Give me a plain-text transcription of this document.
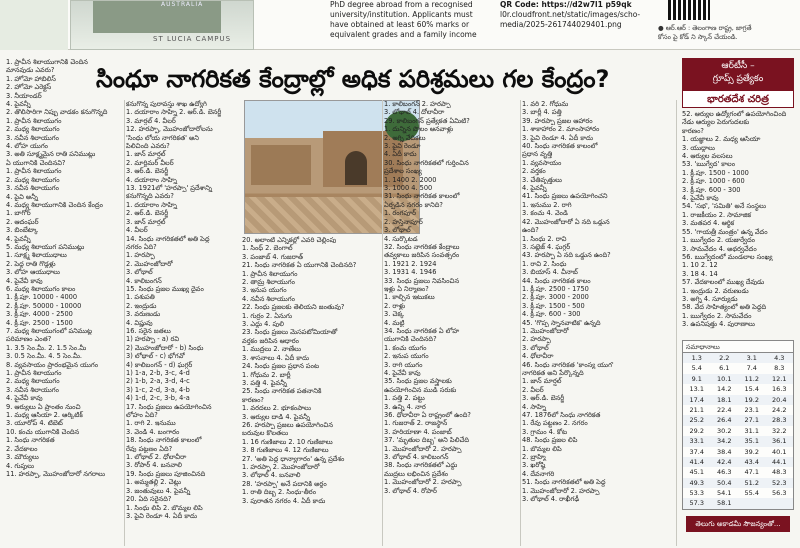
AUSTRALIA
ST LUCIA CAMPUS
PhD degree abroad from a recognised
university/institution. Applicants must
have obtained at least 60% marks or
equivalent grades and a family income
QR Code: https://d2w7l1 p59qk
l0r.cloudfront.net/static/images/scho-
media/2025-261744029401.png	● ఆర్.ఆర్ : తెలంగాణ రాష్ట్ర, జాగ్రతే
కోసం పై కోడ్ ని స్కాన్ చేయండి.
సింధూ నాగరికత కేంద్రాల్లో అధిక పరిశ్రమలు గల కేంద్రం?	ఆర్‌టీసీ –
గ్రూప్స్ ప్రత్యేకం
భారతదేశ చరిత్ర
1. ప్రాచీన శిలాయుగానికి చెందిన
మానవుడు ఎవరు?
1. హోమో హాబిలిస్
2. హోమో ఎరెక్టస్
3. నీయాండర్
4. పైవన్నీ
2. తొలిసారిగా నిప్పు వాడకం కనుగొన్నది
1. ప్రాచీన శిలాయుగం
2. మధ్య శిలాయుగం
3. నవీన శిలాయుగం
4. లోహ యుగం
3. అతి సూక్ష్మమైన రాతి పనిముట్లు
ఏ యుగానికి చెందినవి?
1. ప్రాచీన శిలాయుగం
2. మధ్య శిలాయుగం
3. నవీన శిలాయుగం
4. పైవి అన్నీ
4. మధ్య శిలాయుగానికి చెందిన కేంద్రం
1. బాగోర్
2. ఆదంఘర్
3. బింబేట్కా
4. పైవన్నీ
5. మధ్య శిలాయుగ పనిముట్లు
1. సూక్ష్మ శిలాయుధాలు
2. పెద్ద రాతి గొడ్డళ్లు
3. లోహ ఆయుధాలు
4. పైవేవీ కావు
6. మధ్య శిలాయుగం కాలం
1. క్రీ.పూ. 10000 - 4000
2. క్రీ.పూ. 50000 - 10000
3. క్రీ.పూ. 4000 - 2500
4. క్రీ.పూ. 2500 - 1500
7. మధ్య శిలాయుగంలో పనిముట్ల
పరిమాణం ఎంత?
1. 3.5 సెం.మీ. 2. 1.5 సెం.మీ
3. 0.5 సెం.మీ. 4. 5 సెం.మీ.
8. వ్యవసాయం ప్రారంభమైన యుగం
1. ప్రాచీన శిలాయుగం
2. మధ్య శిలాయుగం
3. నవీన శిలాయుగం
4. పైవేవీ కావు
9. ఆర్యులు ఏ ప్రాంతం నుంచి
1. మధ్య ఆసియా 2. ఆర్కిటిక్
3. యూరోప్ 4. టిబెట్
10. కంచు యుగానికి చెందిన
1. సింధు నాగరికత
2. వేదకాలం
3. మౌర్యులు
4. గుప్తులు
11. హరప్పా, మొహంజోదారో నగరాలు
కనుగొన్న పురావస్తు శాఖ ఉద్యోగి
1. దయారాం సాహ్ని 2. ఆర్.డి. బెనర్జీ
3. మార్షల్ 4. వీలర్
12. హరప్పా, మొహంజోదారోలను
'సింధు లోయ నాగరికత' అని
పిలిచింది ఎవరు?
1. జాన్ మార్షల్
2. మార్టిమర్ వీలర్
3. ఆర్.డి. బెనర్జీ
4. దయారాం సాహ్ని
13. 1921లో 'హరప్పా' ప్రదేశాన్ని
కనుగొన్నది ఎవరు?
1. దయారాం సాహ్ని
2. ఆర్.డి. బెనర్జీ
3. జాన్ మార్షల్
4. వీలర్
14. సింధు నాగరికతలో అతి పెద్ద
నగరం ఏది?
1. హరప్పా
2. మొహంజోదారో
3. లోథాల్
4. కాలిబంగన్
15. సింధు ప్రజల ముఖ్య దైవం
1. పశుపతి
2. ఇంద్రుడు
3. వరుణుడు
4. విష్ణువు
16. సరైన జతలు
1) హరప్పా - a) రవి
2) మొహంజోదారో - b) సింధు
3) లోథాల్ - c) భోగవో
4) కాలిబంగన్ - d) ఘగ్గర్
1) 1-a, 2-b, 3-c, 4-d
2) 1-b, 2-a, 3-d, 4-c
3) 1-c, 2-d, 3-a, 4-b
4) 1-d, 2-c, 3-b, 4-a
17. సింధు ప్రజలు ఉపయోగించిన
లోహం ఏది?
1. రాగి 2. ఇనుము
3. వెండి 4. బంగారం
18. సింధు నాగరికత కాలంలో
రేవు పట్టణం ఏది?
1. లోథాల్ 2. ధోలావీరా
3. రోపార్ 4. బనవాలి
19. సింధు ప్రజలు పూజించినది
1. అమ్మతల్లి 2. చెట్లు
3. జంతువులు 4. పైవన్నీ
20. ఏది సరైనది?
1. సింధు లిపి 2. బొమ్మల లిపి
3. పైవి రెండూ 4. ఏదీ కాదు
20. అలాంటి ఎన్నికల్లో ఎవరి చెల్లింపు
1. సింధ్ 2. బెంగాల్
3. పంజాబ్ 4. గుజరాత్
21. సింధు నాగరికత ఏ యుగానికి చెందినది?
1. ప్రాచీన శిలాయుగం
2. తామ్ర శిలాయుగం
3. ఇనుప యుగం
4. నవీన శిలాయుగం
22. సింధు ప్రజలకు తెలియని జంతువు?
1. గుర్రం 2. ఏనుగు
3. ఎద్దు 4. పులి
23. సింధు ప్రజలు మెసపటోమియాతో
వర్తకం జరిపిన ఆధారం
1. ముద్రలు 2. నాణేలు
3. శాసనాలు 4. ఏదీ కాదు
24. సింధు ప్రజల ప్రధాన పంట
1. గోధుమ 2. బార్లీ
3. పత్తి 4. పైవన్నీ
25. సింధు నాగరికత పతనానికి
కారణం?
1. వరదలు 2. భూకంపాలు
3. ఆర్యుల దాడి 4. పైవన్నీ
26. హరప్పా ప్రజలు ఉపయోగించిన
బరువుల కొలతలు
1. 16 గుణిజాలు 2. 10 గుణిజాలు
3. 8 గుణిజాలు 4. 12 గుణిజాలు
27. 'అతి పెద్ద ధాన్యాగారం' ఉన్న ప్రదేశం
1. హరప్పా 2. మొహంజోదారో
3. లోథాల్ 4. బనవాలి
28. 'హరప్పా' అనే పదానికి అర్థం
1. రాతి దిబ్బ 2. సింధు-తీరం
3. పురాతన నగరం 4. ఏదీ కాదు
1. కాలిబంగన్ 2. హరప్పా
3. లోథాల్ 4. దోలావీరా
29. కాలిబంగన్ ప్రత్యేకత ఏమిటి?
1. దున్నిన పొలం ఆనవాళ్లు
2. అగ్ని వేదికలు
3. పైవి రెండూ
4. ఏదీ కాదు
30. సింధు నాగరికతలో గుర్తించిన
ప్రదేశాల సంఖ్య
1. 1400 2. 2000
3. 1000 4. 500
31. సింధు నాగరికత కాలంలో
ఏర్పడిన నగరం కానిది?
1. రంగపూర్
2. హస్తినాపూర్
3. లోథాల్
4. సుర్కొటడ
32. సింధు నాగరికత కేంద్రాలు
తవ్వకాలు జరిపిన సంవత్సరం
1. 1921 2. 1924
3. 1931 4. 1946
33. సింధు ప్రజలు నివసించిన
ఇళ్లు ఏ నిర్మాణం?
1. కాల్చిన ఇటుకలు
2. రాళ్లు
3. చెక్క
4. మట్టి
34. సింధు నాగరికత ఏ లోహ
యుగానికి చెందినది?
1. కంచు యుగం
2. ఇనుప యుగం
3. రాగి యుగం
4. పైవేవీ కావు
35. సింధు ప్రజల వస్త్రాలకు
ఉపయోగించిన ముడి సరుకు
1. పత్తి 2. పట్టు
3. ఉన్ని 4. నార
36. ధోలావీరా ఏ రాష్ట్రంలో ఉంది?
1. గుజరాత్ 2. రాజస్థాన్
3. హరియాణా 4. పంజాబ్
37. 'మృతుల దిబ్బ' అని పిలిచేది
1. మొహంజోదారో 2. హరప్పా
3. లోథాల్ 4. కాలిబంగన్
38. సింధు నాగరికతలో ఎద్దు
ముద్రలు లభించిన ప్రదేశం
1. మొహంజోదారో 2. హరప్పా
3. లోథాల్ 4. రోపార్
1. వరి 2. గోధుమ
3. బార్లీ 4. పత్తి
39. హరప్పా ప్రజల ఆహారం
1. శాకాహారం 2. మాంసాహారం
3. పైవి రెండూ 4. ఏదీ కాదు
40. సింధు నాగరికత కాలంలో
ప్రధాన వృత్తి
1. వ్యవసాయం
2. వర్తకం
3. చేతివృత్తులు
4. పైవన్నీ
41. సింధు ప్రజలు ఉపయోగించని
1. ఇనుము 2. రాగి
3. కంచు 4. వెండి
42. మొహంజోదారో ఏ నది ఒడ్డున
ఉంది?
1. సింధు 2. రావి
3. సట్లెజ్ 4. ఘగ్గర్
43. హరప్పా ఏ నది ఒడ్డున ఉంది?
1. రావి 2. సింధు
3. బియాస్ 4. చీనాబ్
44. సింధు నాగరికత కాలం
1. క్రీ.పూ. 2500 - 1750
2. క్రీ.పూ. 3000 - 2000
3. క్రీ.పూ. 1500 - 500
4. క్రీ.పూ. 600 - 300
45. 'గొప్ప స్నానవాటిక' ఉన్నది
1. మొహంజోదారో
2. హరప్పా
3. లోథాల్
4. ధోలావీరా
46. సింధు నాగరికత 'కాంస్య యుగ'
నాగరికత అని పేర్కొన్నది
1. జాన్ మార్షల్
2. వీలర్
3. ఆర్.డి. బెనర్జీ
4. సాహ్ని
47. 1876లో సింధు నాగరికత
1. రేవు పట్టణం 2. నగరం
3. గ్రామం 4. కోట
48. సింధు ప్రజల లిపి
1. బొమ్మల లిపి
2. బ్రాహ్మి
3. ఖరోష్ఠి
4. దేవనాగరి
51. సింధు నాగరికతలో అతి పెద్ద
1. మొహంజోదారో 2. హరప్పా
3. లోథాల్ 4. రాఖీగఢీ
52. ఆర్యుల ఉద్యోగంలో ఉపయోగించింది
నేడు ఆర్యుల పెరుగుదలకు
కారణం?
1. యజ్ఞాలు 2. మధ్య ఆసియా
3. యుద్ధాలు
4. ఆర్యుల వలసలు
53. 'ఋగ్వేద' కాలం
1. క్రీ.పూ. 1500 - 1000
2. క్రీ.పూ. 1000 - 600
3. క్రీ.పూ. 600 - 300
4. పైవేవీ కావు
54. 'సభ', 'సమితి' అనే సంస్థలు
1. రాజకీయం 2. సామాజిక
3. మతపర 4. ఆర్థిక
55. 'గాయత్రీ మంత్రం' ఉన్న వేదం
1. ఋగ్వేదం 2. యజుర్వేదం
3. సామవేదం 4. అథర్వవేదం
56. ఋగ్వేదంలో మండలాల సంఖ్య
1. 10 2. 12
3. 18 4. 14
57. వేదకాలంలో ముఖ్య దేవుడు
1. ఇంద్రుడు 2. వరుణుడు
3. అగ్ని 4. సూర్యుడు
58. వేద సాహిత్యంలో అతి పెద్దది
1. ఋగ్వేదం 2. సామవేదం
3. ఉపనిషత్తు 4. పురాణాలు
సమాధానాలు
1.3	2.2	3.1	4.3
5.4	6.1	7.4	8.3
9.1	10.1	11.2	12.1
13.1	14.2	15.4	16.3
17.4	18.1	19.2	20.4
21.1	22.4	23.1	24.2
25.2	26.4	27.1	28.3
29.2	30.2	31.1	32.2
33.1	34.2	35.1	36.1
37.4	38.4	39.2	40.1
41.4	42.4	43.4	44.1
45.1	46.3	47.1	48.3
49.3	50.4	51.2	52.3
53.3	54.1	55.4	56.3
57.3	58.1
తెలుగు అకాడమీ సౌజన్యంతో...
